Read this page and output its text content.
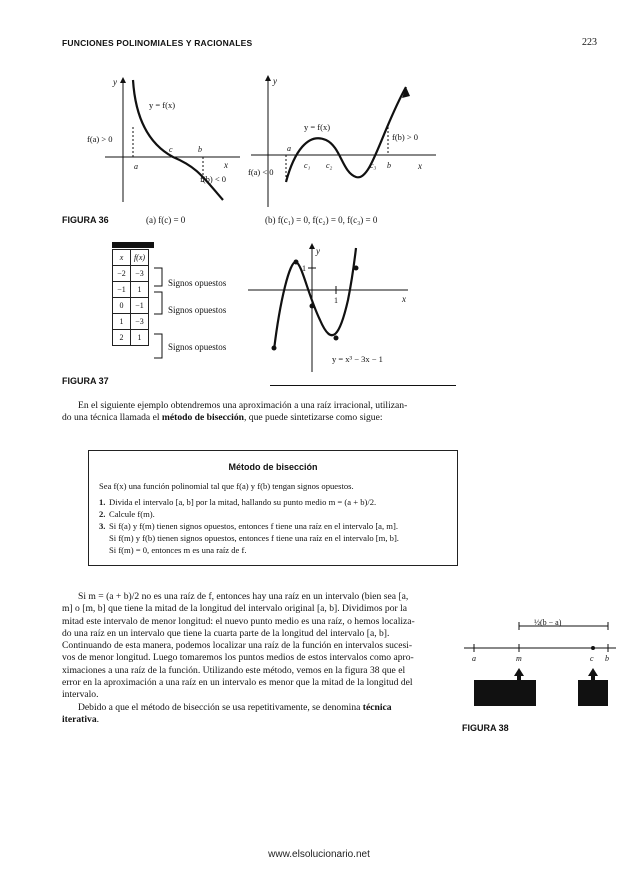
FUNCIONES POLINOMIALES Y RACIONALES	223
y
x
y = f(x)
f(a) > 0
f(b) < 0
a
c	b
y
x
y = f(x)
f(a) < 0
f(b) > 0
a
c₁ c₂	c₃ b
FIGURA 36	(a) f(c) = 0	(b) f(c₁) = 0, f(c₂) = 0, f(c₃) = 0
x	f(x)
−2	−3
−1	1
0	−1
1	−3
2	1
Signos opuestos
Signos opuestos
Signos opuestos
y
x
1
1
y = x³ − 3x − 1
FIGURA 37
En el siguiente ejemplo obtendremos una aproximación a una raíz irracional, utilizan-
do una técnica llamada el método de bisección, que puede sintetizarse como sigue:
Método de bisección
Sea f(x) una función polinomial tal que f(a) y f(b) tengan signos opuestos.
1. Divida el intervalo [a, b] por la mitad, hallando su punto medio m = (a + b)/2.
2. Calcule f(m).
3. Si f(a) y f(m) tienen signos opuestos, entonces f tiene una raíz en el intervalo [a, m].
Si f(m) y f(b) tienen signos opuestos, entonces f tiene una raíz en el intervalo [m, b].
Si f(m) = 0, entonces m es una raíz de f.
Si m = (a + b)/2 no es una raíz de f, entonces hay una raíz en un intervalo (bien sea [a,
m] o [m, b] que tiene la mitad de la longitud del intervalo original [a, b]. Dividimos por la
mitad este intervalo de menor longitud: el nuevo punto medio es una raíz, o hemos localiza-
do una raíz en un intervalo que tiene la cuarta parte de la longitud del intervalo [a, b].
Continuando de esta manera, podemos localizar una raíz de la función en intervalos sucesi-
vos de menor longitud. Luego tomaremos los puntos medios de estos intervalos como apro-
ximaciones a una raíz de la función. Utilizando este método, vemos en la figura 38 que el
error en la aproximación a una raíz en un intervalo es menor que la mitad de la longitud del
intervalo.
Debido a que el método de bisección se usa repetitivamente, se denomina técnica
iterativa.
½(b − a)
a	m	c b
FIGURA 38
www.elsolucionario.net
